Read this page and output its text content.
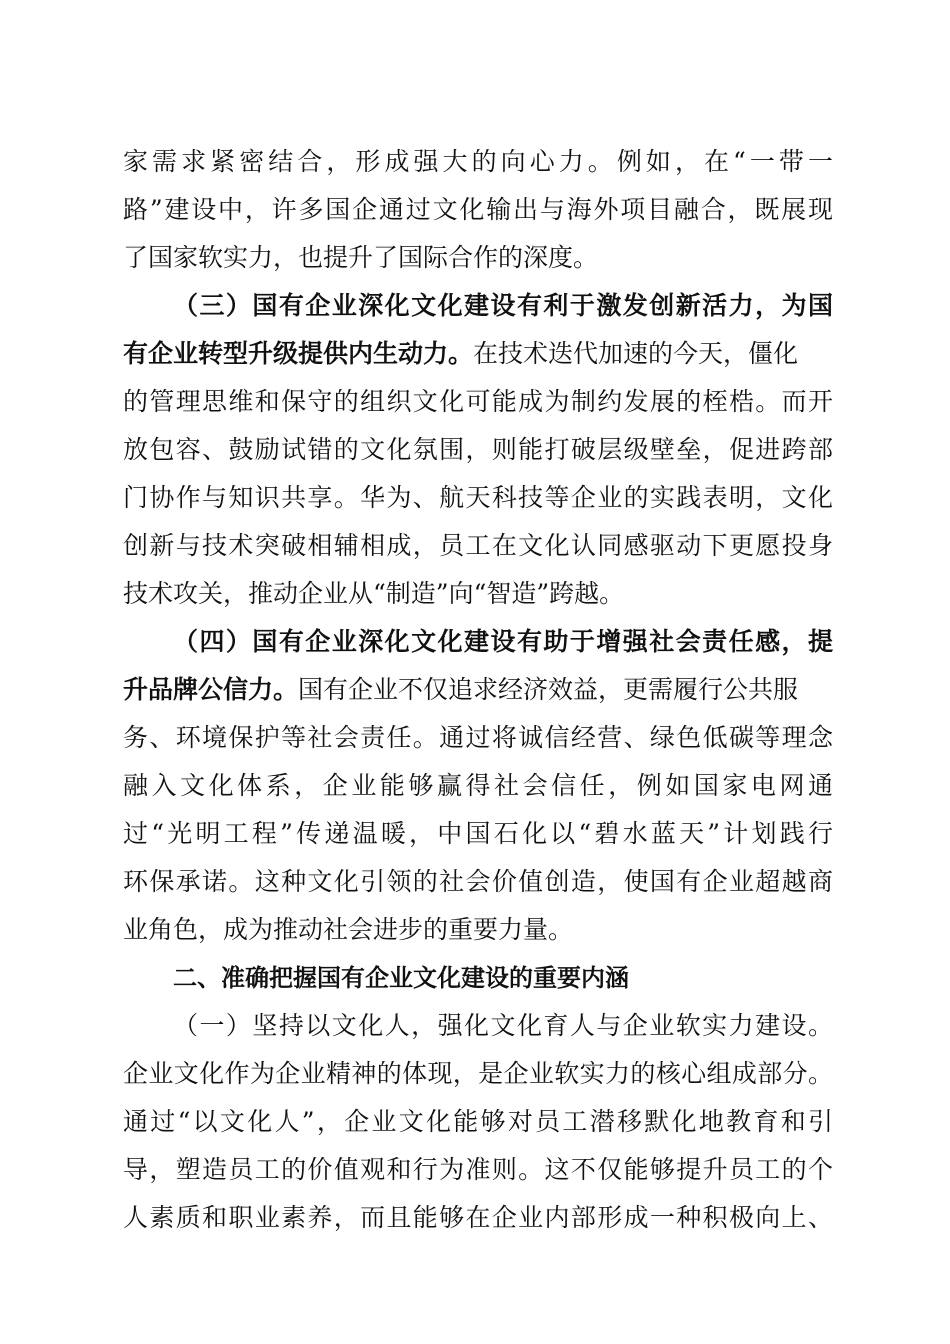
家需求紧密结合，形成强大的向心力。例如，在“一带一
路”建设中，许多国企通过文化输出与海外项目融合，既展现
了国家软实力，也提升了国际合作的深度。
（三）国有企业深化文化建设有利于激发创新活力，为国
有企业转型升级提供内生动力。在技术迭代加速的今天，僵化
的管理思维和保守的组织文化可能成为制约发展的桎梏。而开
放包容、鼓励试错的文化氛围，则能打破层级壁垒，促进跨部
门协作与知识共享。华为、航天科技等企业的实践表明，文化
创新与技术突破相辅相成，员工在文化认同感驱动下更愿投身
技术攻关，推动企业从“制造”向“智造”跨越。
（四）国有企业深化文化建设有助于增强社会责任感，提
升品牌公信力。国有企业不仅追求经济效益，更需履行公共服
务、环境保护等社会责任。通过将诚信经营、绿色低碳等理念
融入文化体系，企业能够赢得社会信任，例如国家电网通
过“光明工程”传递温暖，中国石化以“碧水蓝天”计划践行
环保承诺。这种文化引领的社会价值创造，使国有企业超越商
业角色，成为推动社会进步的重要力量。
二、准确把握国有企业文化建设的重要内涵
（一）坚持以文化人，强化文化育人与企业软实力建设。
企业文化作为企业精神的体现，是企业软实力的核心组成部分。
通过“以文化人”，企业文化能够对员工潜移默化地教育和引
导，塑造员工的价值观和行为准则。这不仅能够提升员工的个
人素质和职业素养，而且能够在企业内部形成一种积极向上、
